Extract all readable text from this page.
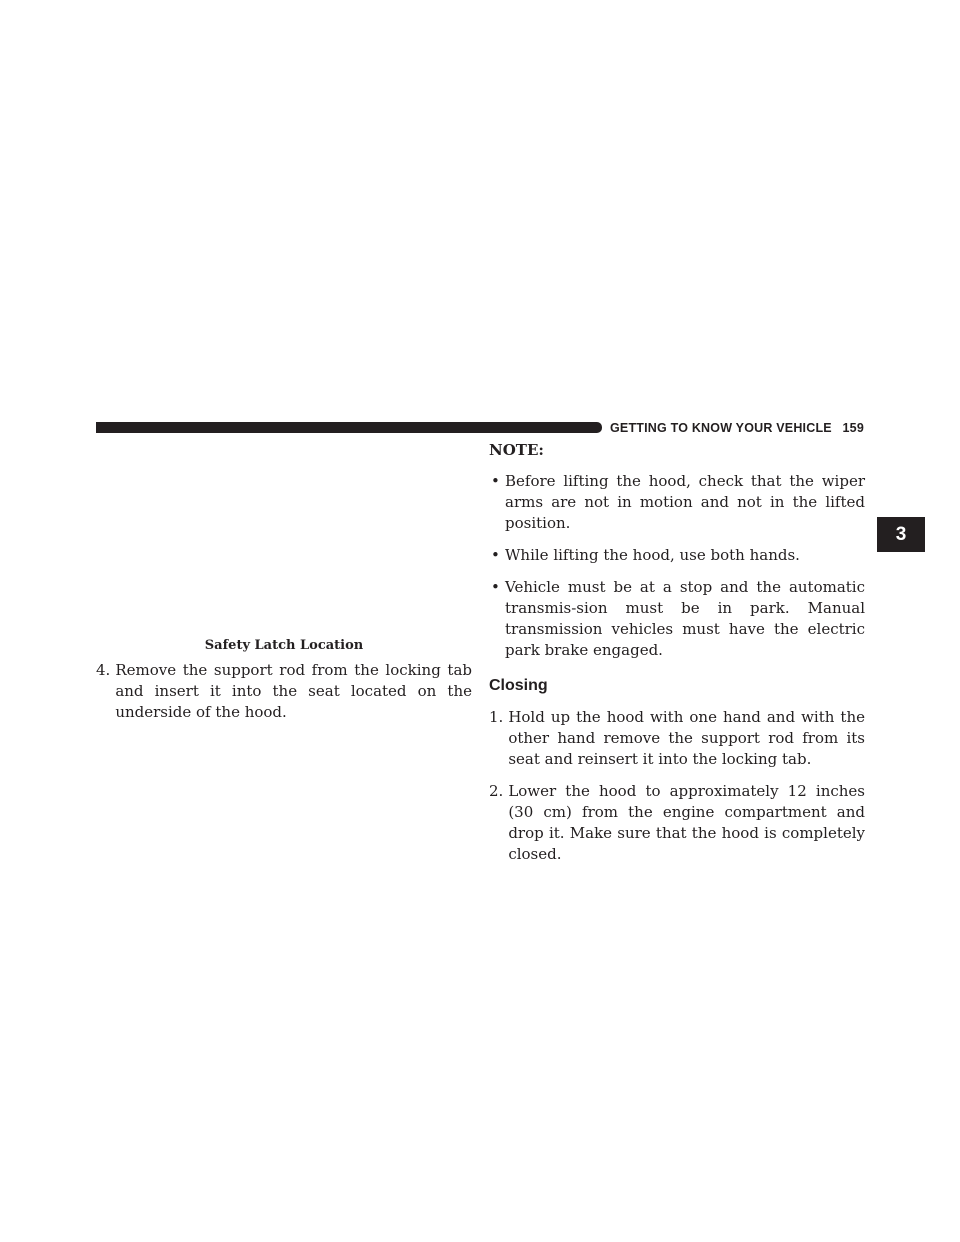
GETTING TO KNOW YOUR VEHICLE 159
3
Safety Latch Location
4. Remove the support rod from the locking tab and insert it into the seat located on the underside of the hood.
NOTE:
• Before lifting the hood, check that the wiper arms are not in motion and not in the lifted position.
• While lifting the hood, use both hands.
• Vehicle must be at a stop and the automatic transmis-sion must be in park. Manual transmission vehicles must have the electric park brake engaged.
Closing
1. Hold up the hood with one hand and with the other hand remove the support rod from its seat and reinsert it into the locking tab.
2. Lower the hood to approximately 12 inches (30 cm) from the engine compartment and drop it. Make sure that the hood is completely closed.
